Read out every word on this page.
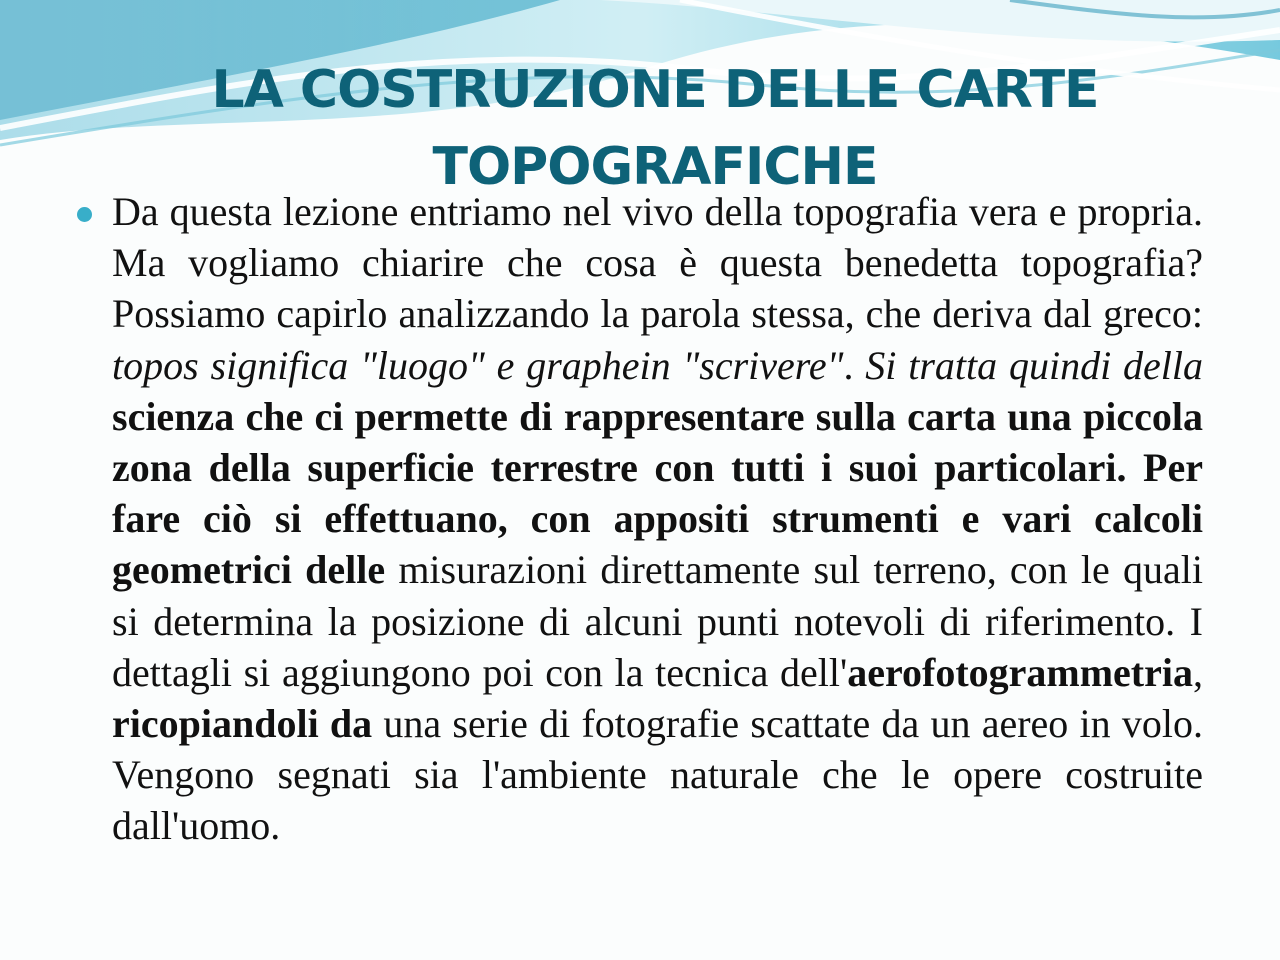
LA COSTRUZIONE DELLE CARTE TOPOGRAFICHE

Da questa lezione entriamo nel vivo della topografia vera e propria. Ma vogliamo chiarire che cosa è questa benedetta topografia? Possiamo capirlo analizzando la parola stessa, che deriva dal greco: topos significa "luogo" e graphein "scrivere". Si tratta quindi della scienza che ci permette di rappresentare sulla carta una piccola zona della superficie terrestre con tutti i suoi particolari. Per fare ciò si effettuano, con appositi strumenti e vari calcoli geometrici delle misurazioni direttamente sul terreno, con le quali si determina la posizione di alcuni punti notevoli di riferimento. I dettagli si aggiungono poi con la tecnica dell'aerofotogrammetria, ricopiandoli da una serie di fotografie scattate da un aereo in volo. Vengono segnati sia l'ambiente naturale che le opere costruite dall'uomo.
